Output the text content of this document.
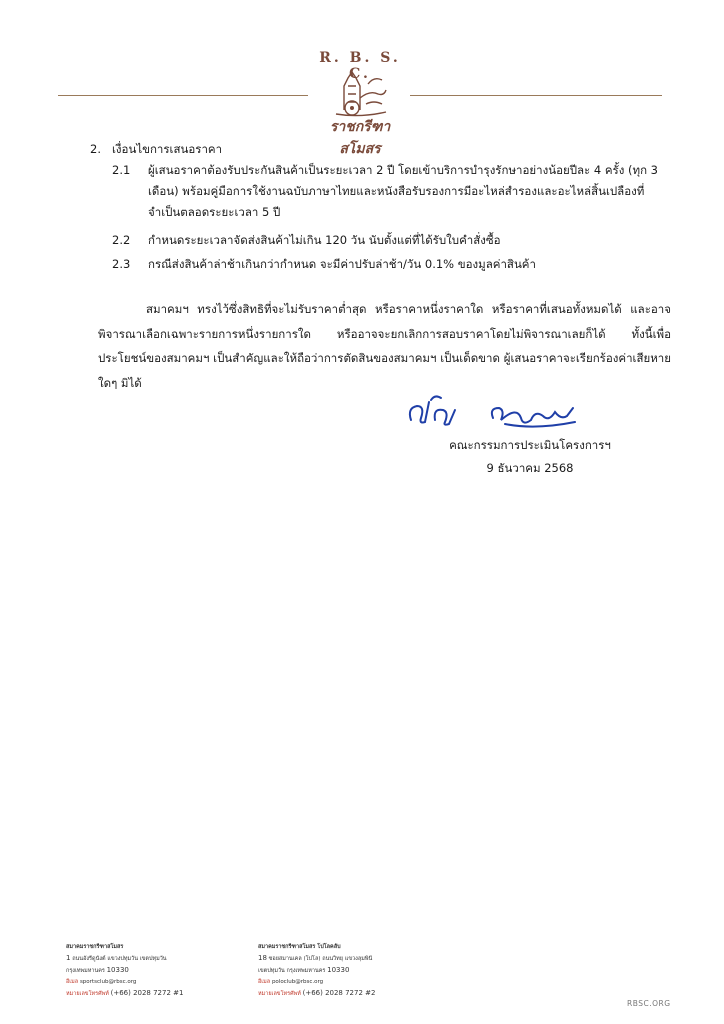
R. B. S. C.
ราชกรีฑาสโมสร
2. เงื่อนไขการเสนอราคา
2.1 ผู้เสนอราคาต้องรับประกันสินค้าเป็นระยะเวลา 2 ปี โดยเข้าบริการบำรุงรักษาอย่างน้อยปีละ 4 ครั้ง (ทุก 3 เดือน) พร้อมคู่มือการใช้งานฉบับภาษาไทยและหนังสือรับรองการมีอะไหล่สำรองและอะไหล่สิ้นเปลืองที่จำเป็นตลอดระยะเวลา 5 ปี
2.2 กำหนดระยะเวลาจัดส่งสินค้าไม่เกิน 120 วัน นับตั้งแต่ที่ได้รับใบคำสั่งซื้อ
2.3 กรณีส่งสินค้าล่าช้าเกินกว่ากำหนด จะมีค่าปรับล่าช้า/วัน 0.1% ของมูลค่าสินค้า
สมาคมฯ ทรงไว้ซึ่งสิทธิที่จะไม่รับราคาต่ำสุด หรือราคาหนึ่งราคาใด หรือราคาที่เสนอทั้งหมดได้ และอาจพิจารณาเลือกเฉพาะรายการหนึ่งรายการใด หรืออาจจะยกเลิกการสอบราคาโดยไม่พิจารณาเลยก็ได้ ทั้งนี้เพื่อประโยชน์ของสมาคมฯ เป็นสำคัญและให้ถือว่าการตัดสินของสมาคมฯ เป็นเด็ดขาด ผู้เสนอราคาจะเรียกร้องค่าเสียหายใดๆ มิได้
คณะกรรมการประเมินโครงการฯ
9 ธันวาคม 2568
สมาคมราชกรีฑาสโมสร
1 ถนนอังรีดูนังต์ แขวงปทุมวัน เขตปทุมวัน
กรุงเทพมหานคร 10330
อีเมล sportsclub@rbsc.org
หมายเลขโทรศัพท์ (+66) 2028 7272 #1
สมาคมราชกรีฑาสโมสร โปโลคลับ
18 ซอยสมานเคล (โปโล) ถนนวิทยุ แขวงลุมพินี
เขตปทุมวัน กรุงเทพมหานคร 10330
อีเมล poloclub@rbsc.org
หมายเลขโทรศัพท์ (+66) 2028 7272 #2
RBSC.ORG
